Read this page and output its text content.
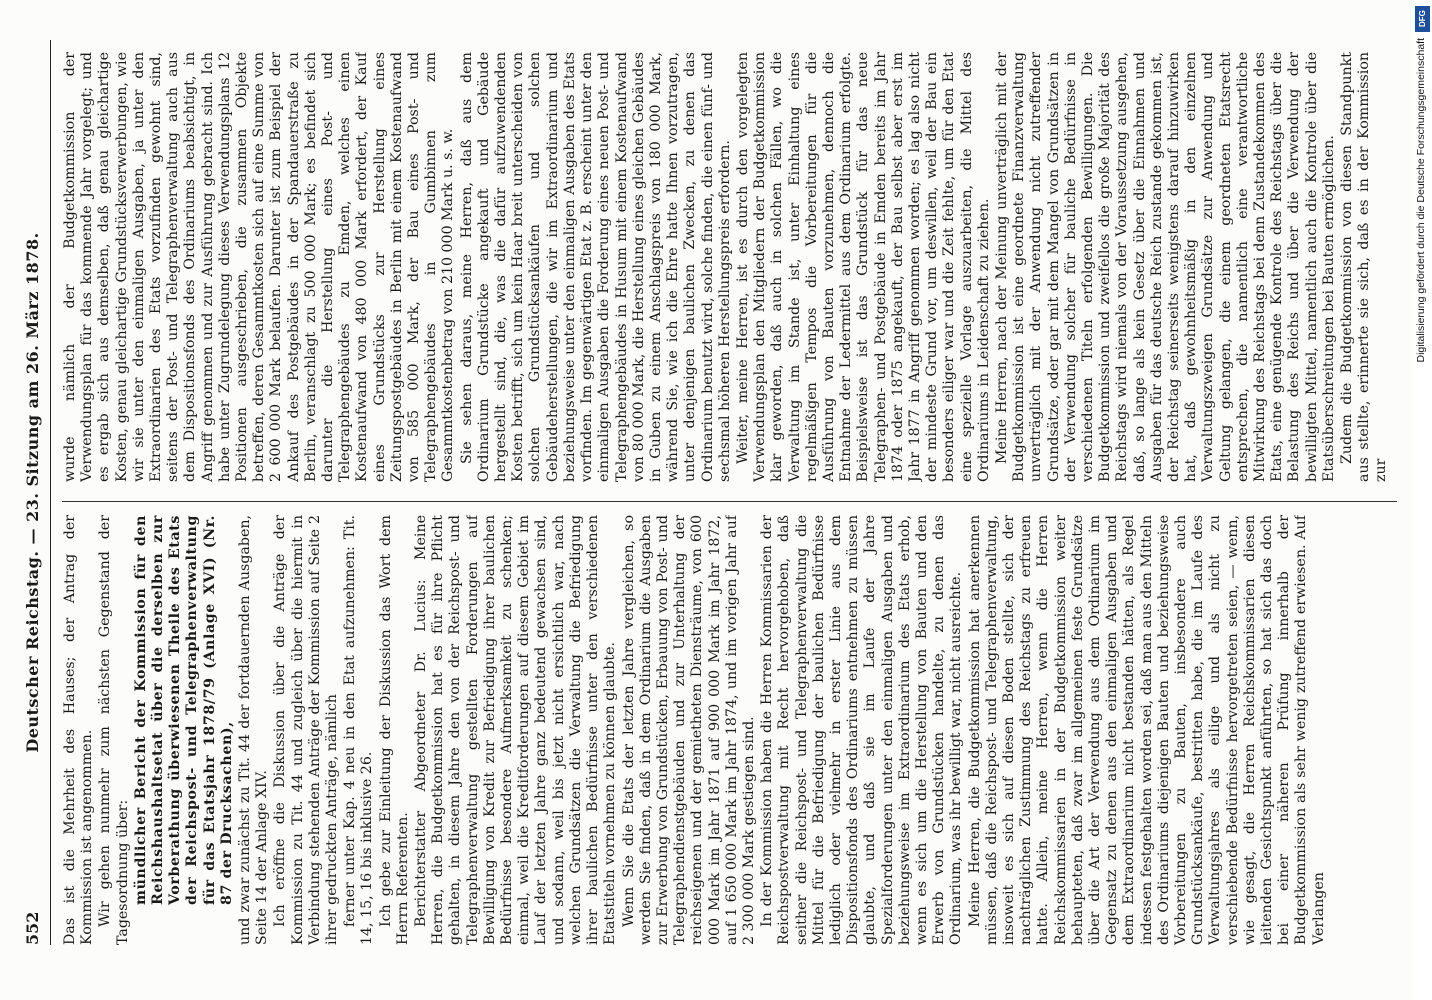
552
Deutscher Reichstag. — 23. Sitzung am 26. März 1878. Das ist die Mehrheit des Hauses; der Antrag der Kommission ist angenommen. Wir gehen nunmehr zum nächsten Gegenstand der Tagesordnung über: mündlicher Bericht der Kommission für den Reichshaushaltsetat über die derselben zur Vorberathung überwiesenen Theile des Etats der Reichspost- und Telegraphenverwaltung für das Etatsjahr 1878/79 (Anlage XVI) (Nr. 87 der Drucksachen), und zwar zunächst zu Tit. 44 der fortdauernden Ausgaben, Seite 14 der Anlage XIV. Ich eröffne die Diskussion über die Anträge der Kommission zu Tit. 44 und zugleich über die hiermit in Verbindung stehenden Anträge der Kommission auf Seite 2 ihrer gedruckten Anträge, nämlich ferner unter Kap. 4 neu in den Etat aufzunehmen: Tit. 14, 15, 16 bis inklusive 26. Ich gebe zur Einleitung der Diskussion das Wort dem Herrn Referenten. Berichterstatter Abgeordneter Dr. Lucius: Meine Herren, die Budgetkommission hat es für ihre Pflicht gehalten, in diesem Jahre den von der Reichspost- und Telegraphenverwaltung gestellten Forderungen auf Bewilligung von Kredit zur Befriedigung ihrer baulichen Bedürfnisse besondere Aufmerksamkeit zu schenken; einmal, weil die Kreditforderungen auf diesem Gebiet im Lauf der letzten Jahre ganz bedeutend gewachsen sind, und sodann, weil bis jetzt nicht ersichtlich war, nach welchen Grundsätzen die Verwaltung die Befriedigung ihrer baulichen Bedürfnisse unter den verschiedenen Etatstiteln vornehmen zu können glaubte. Wenn Sie die Etats der letzten Jahre vergleichen, so werden Sie finden, daß in dem Ordinarium die Ausgaben zur Erwerbung von Grundstücken, Erbauung von Post- und Telegraphendienstgebäuden und zur Unterhaltung der reichseigenen und der gemietheten Diensträume, von 600 000 Mark im Jahr 1871 auf 900 000 Mark im Jahr 1872, auf 1 650 000 Mark im Jahr 1874, und im vorigen Jahr auf 2 300 000 Mark gestiegen sind. In der Kommission haben die Herren Kommissarien der Reichspostverwaltung mit Recht hervorgehoben, daß seither die Reichspost- und Telegraphenverwaltung die Mittel für die Befriedigung der baulichen Bedürfnisse lediglich oder vielmehr in erster Linie aus dem Dispositionsfonds des Ordinariums entnehmen zu müssen glaubte, und daß sie im Laufe der Jahre Spezialforderungen unter den einmaligen Ausgaben und beziehungsweise im Extraordinarium des Etats erhob, wenn es sich um die Herstellung von Bauten und den Erwerb von Grundstücken handelte, zu denen das Ordinarium, was ihr bewilligt war, nicht ausreichte. Meine Herren, die Budgetkommission hat anerkennen müssen, daß die Reichspost- und Telegraphenverwaltung, insoweit es sich auf diesen Boden stellte, sich der nachträglichen Zustimmung des Reichstags zu erfreuen hatte. Allein, meine Herren, wenn die Herren Reichskommissarien in der Budgetkommission weiter behaupteten, daß zwar im allgemeinen feste Grundsätze über die Art der Verwendung aus dem Ordinarium im Gegensatz zu denen aus den einmaligen Ausgaben und dem Extraordinarium nicht bestanden hätten, als Regel indessen festgehalten worden sei, daß man aus den Mitteln des Ordinariums diejenigen Bauten und beziehungsweise Vorbereitungen zu Bauten, insbesondere auch Grundstücksankäufe, bestritten habe, die im Laufe des Verwaltungsjahres als eilige und als nicht zu verschiebende Bedürfnisse hervorgetreten seien, — wenn, wie gesagt, die Herren Reichskommissarien diesen leitenden Gesichtspunkt anführten, so hat sich das doch bei einer näheren Prüfung innerhalb der Budgetkommission als sehr wenig zutreffend erwiesen. Auf Verlangen

wurde nämlich der Budgetkommission der Verwendungsplan für das kommende Jahr vorgelegt; und es ergab sich aus demselben, daß genau gleichartige Kosten, genau gleichartige Grundstücksverwerbungen, wie wir sie unter den einmaligen Ausgaben, ja unter den Extraordinarien des Etats vorzufinden gewohnt sind, seitens der Post- und Telegraphenverwaltung auch aus dem Dispositionsfonds des Ordinariums beabsichtigt, in Angriff genommen und zur Ausführung gebracht sind. Ich habe unter Zugrundelegung dieses Verwendungsplans 12 Positionen ausgeschrieben, die zusammen Objekte betreffen, deren Gesammtkosten sich auf eine Summe von 2 600 000 Mark belaufen. Darunter ist zum Beispiel der Ankauf des Postgebäudes in der Spandauerstraße zu Berlin, veranschlagt zu 500 000 Mark; es befindet sich darunter die Herstellung eines Post- und Telegraphengebäudes zu Emden, welches einen Kostenaufwand von 480 000 Mark erfordert, der Kauf eines Grundstücks zur Herstellung eines Zeitungspostgebäudes in Berlin mit einem Kostenaufwand von 585 000 Mark, der Bau eines Post- und Telegraphengebäudes in Gumbinnen zum Gesammtkostenbetrag von 210 000 Mark u. s. w. Sie sehen daraus, meine Herren, daß aus dem Ordinarium Grundstücke angekauft und Gebäude hergestellt sind, die, was die dafür aufzuwendenden Kosten betrifft, sich um kein Haar breit unterscheiden von solchen Grundstücksankäufen und solchen Gebäudeherstellungen, die wir im Extraordinarium und beziehungsweise unter den einmaligen Ausgaben des Etats vorfinden. Im gegenwärtigen Etat z. B. erscheint unter den einmaligen Ausgaben die Forderung eines neuen Post- und Telegraphengebäudes in Husum mit einem Kostenaufwand von 80 000 Mark, die Herstellung eines gleichen Gebäudes in Guben zu einem Anschlagspreis von 180 000 Mark, während Sie, wie ich die Ehre hatte Ihnen vorzutragen, unter denjenigen baulichen Zwecken, zu denen das Ordinarium benutzt wird, solche finden, die einen fünf- und sechsmal höheren Herstellungspreis erfordern. Weiter, meine Herren, ist es durch den vorgelegten Verwendungsplan den Mitgliedern der Budgetkommission klar geworden, daß auch in solchen Fällen, wo die Verwaltung im Stande ist, unter Einhaltung eines regelmäßigen Tempos die Vorbereitungen für die Ausführung von Bauten vorzunehmen, dennoch die Entnahme der Ledermittel aus dem Ordinarium erfolgte. Beispielsweise ist das Grundstück für das neue Telegraphen- und Postgebäude in Emden bereits im Jahr 1874 oder 1875 angekauft, der Bau selbst aber erst im Jahr 1877 in Angriff genommen worden; es lag also nicht der mindeste Grund vor, um deswillen, weil der Bau ein besonders eiliger war und die Zeit fehlte, um für den Etat eine spezielle Vorlage auszuarbeiten, die Mittel des Ordinariums in Leidenschaft zu ziehen. Meine Herren, nach der Meinung unverträglich mit der Budgetkommission ist eine geordnete Finanzverwaltung unverträglich mit der Anwendung nicht zutreffender Grundsätze, oder gar mit dem Mangel von Grundsätzen in der Verwendung solcher für bauliche Bedürfnisse in verschiedenen Titeln erfolgenden Bewilligungen. Die Budgetkommission und zweifellos die große Majorität des Reichstags wird niemals von der Voraussetzung ausgehen, daß, so lange als kein Gesetz über die Einnahmen und Ausgaben für das deutsche Reich zustande gekommen ist, der Reichstag seinerseits wenigstens darauf hinzuwirken hat, daß gewohnheitsmäßig in den einzelnen Verwaltungszweigen Grundsätze zur Anwendung und Geltung gelangen, die einem geordneten Etatsrecht entsprechen, die namentlich eine verantwortliche Mitwirkung des Reichstags bei denn Zustandekommen des Etats, eine genügende Kontrole des Reichstags über die Belastung des Reichs und über die Verwendung der bewilligten Mittel, namentlich auch die Kontrole über die Etatsüberschreitungen bei Bauten ermöglichen. Zudem die Budgetkommission von diesen Standpunkt aus stellte, erinnerte sie sich, daß es in der Kommission zur

DFG
Digitalisierung gefördert durch die Deutsche Forschungsgemeinschaft
